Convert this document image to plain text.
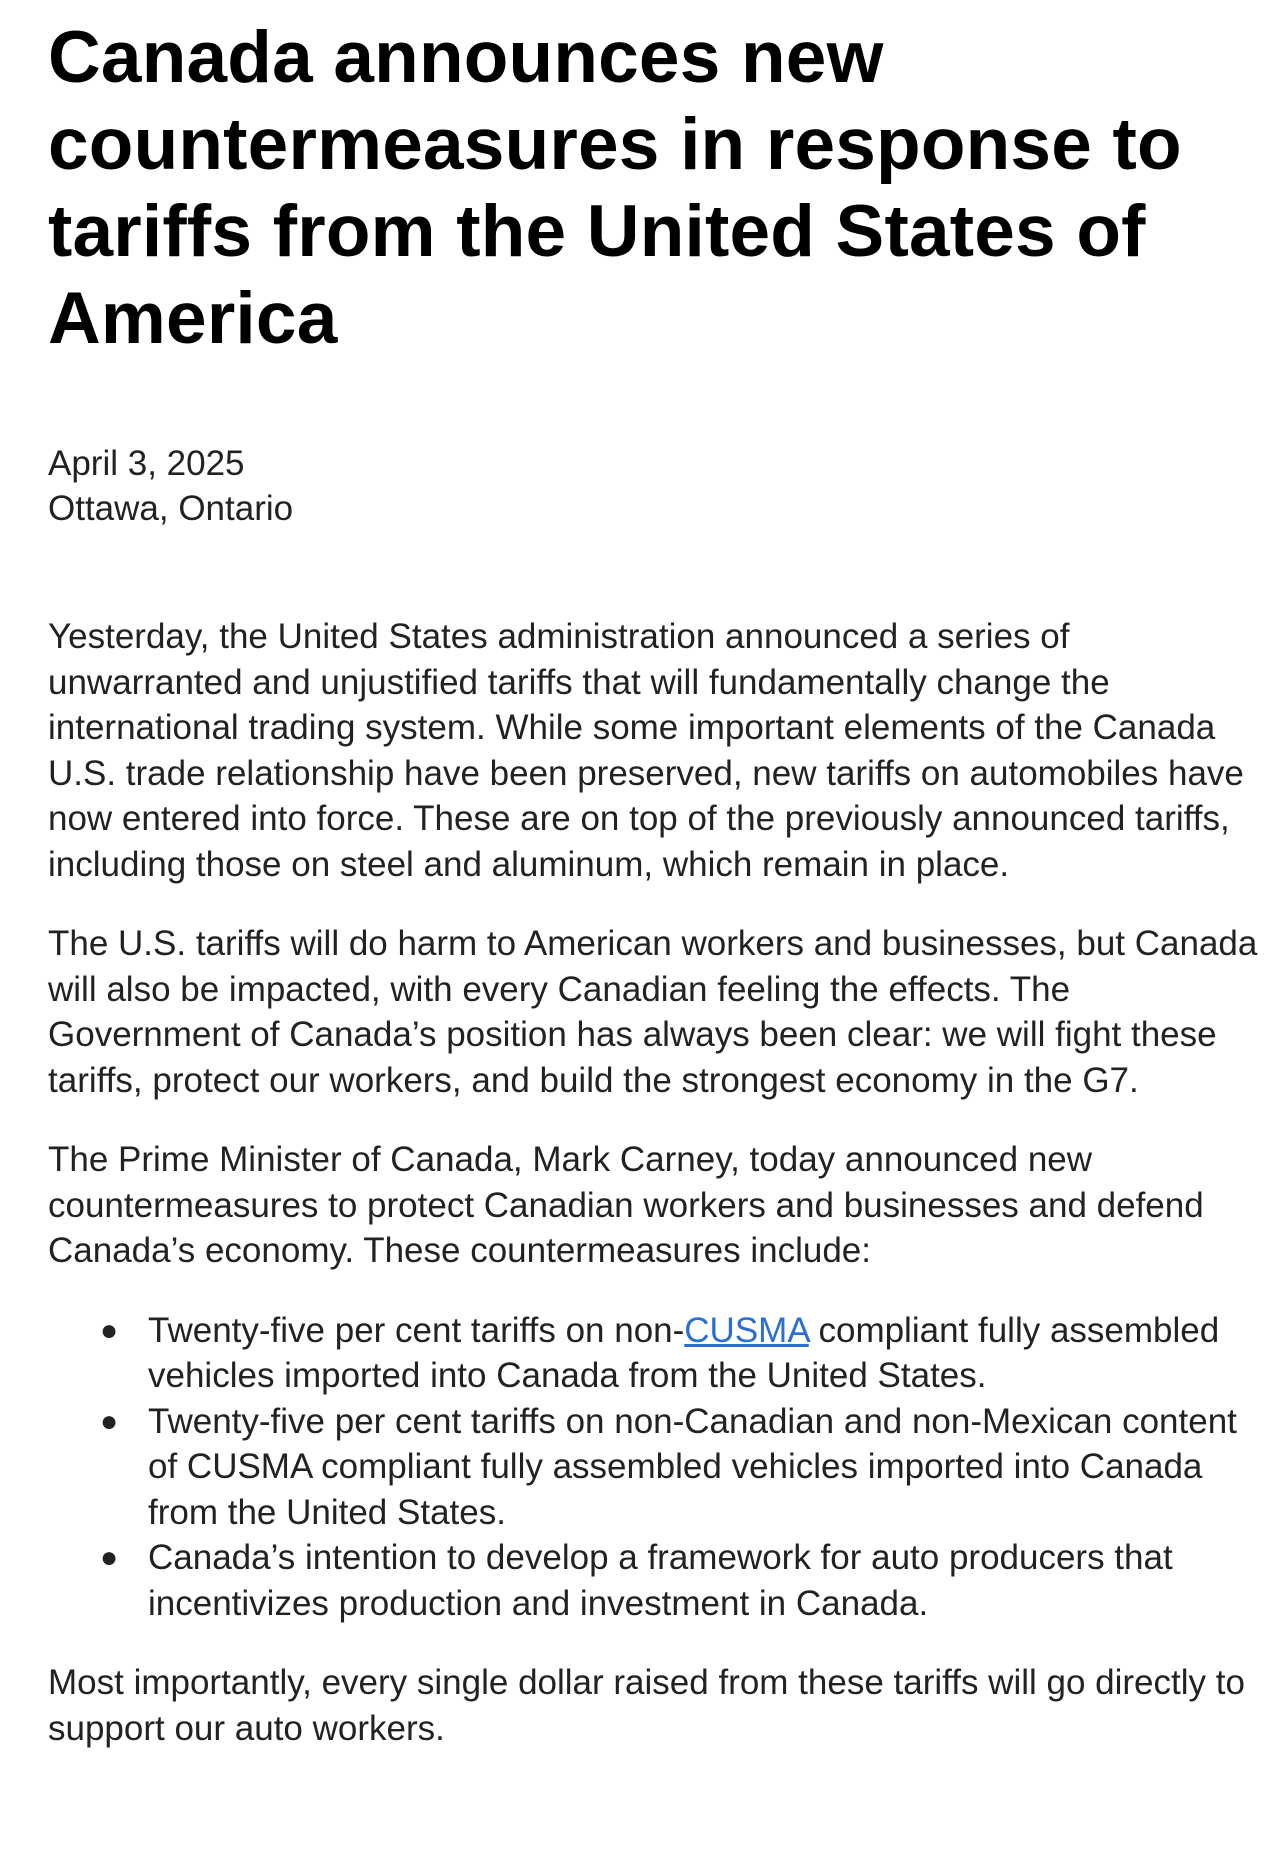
Canada announces new countermeasures in response to tariffs from the United States of America
April 3, 2025
Ottawa, Ontario

Yesterday, the United States administration announced a series of unwarranted and unjustified tariffs that will fundamentally change the international trading system. While some important elements of the Canada U.S. trade relationship have been preserved, new tariffs on automobiles have now entered into force. These are on top of the previously announced tariffs, including those on steel and aluminum, which remain in place.

The U.S. tariffs will do harm to American workers and businesses, but Canada will also be impacted, with every Canadian feeling the effects. The Government of Canada’s position has always been clear: we will fight these tariffs, protect our workers, and build the strongest economy in the G7.

The Prime Minister of Canada, Mark Carney, today announced new countermeasures to protect Canadian workers and businesses and defend Canada’s economy. These countermeasures include:

● Twenty-five per cent tariffs on non-CUSMA compliant fully assembled vehicles imported into Canada from the United States.
● Twenty-five per cent tariffs on non-Canadian and non-Mexican content of CUSMA compliant fully assembled vehicles imported into Canada from the United States.
● Canada’s intention to develop a framework for auto producers that incentivizes production and investment in Canada.

Most importantly, every single dollar raised from these tariffs will go directly to support our auto workers.
